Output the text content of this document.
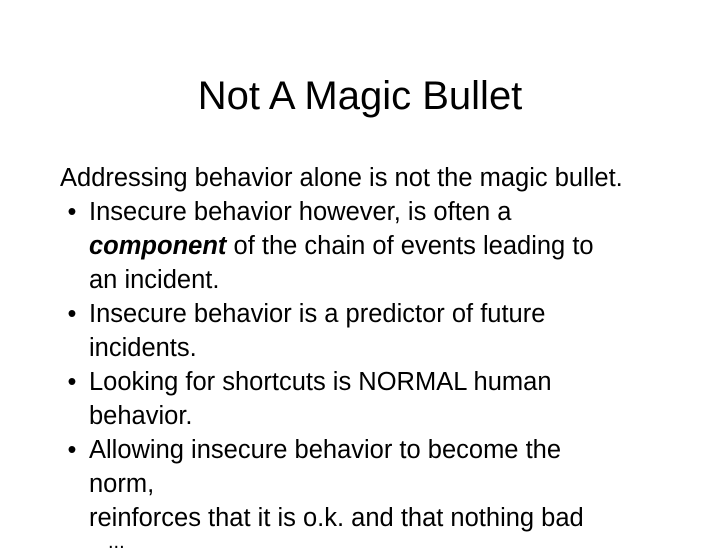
Not A Magic Bullet
Addressing behavior alone is not the magic bullet.
• Insecure behavior however, is often a
component of the chain of events leading to
an incident.
• Insecure behavior is a predictor of future
incidents.
• Looking for shortcuts is NORMAL human
behavior.
• Allowing insecure behavior to become the
norm,
reinforces that it is o.k. and that nothing bad
...
